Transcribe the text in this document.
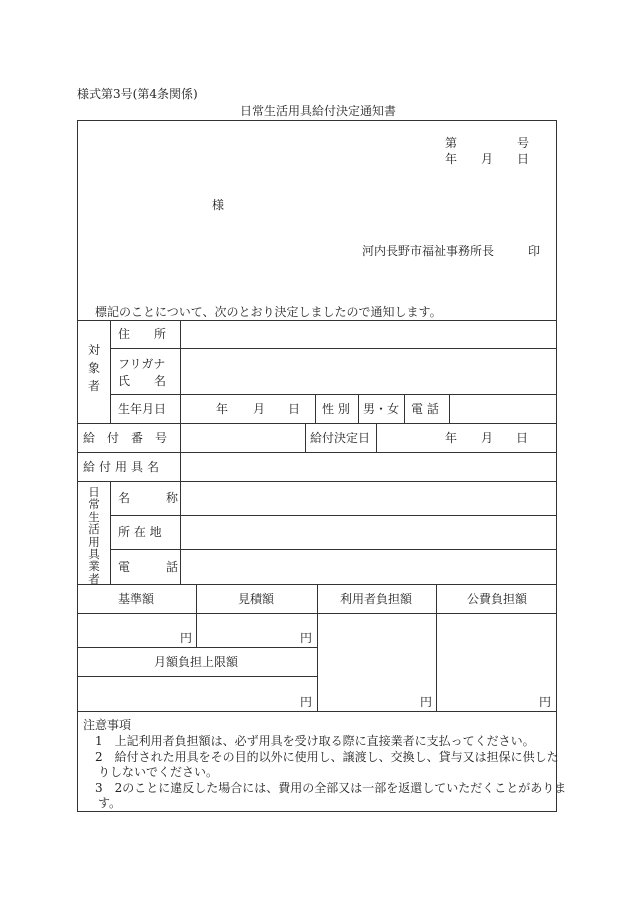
様式第3号(第4条関係)
日常生活用具給付決定通知書
第	号
年 月 日
様
河内長野市福祉事務所長	印
標記のことについて、次のとおり決定しましたので通知します。
対
象
者
住　　所
フリガナ
氏　　名
生年月日	年 月 日 性 別 男・女 電 話
給　付　番　号	給付決定日	年 月 日
給付用具名
日
常
生
活
用
具
業
者
名　　　称
所 在 地
電　　　話
基準額	見積額	利用者負担額	公費負担額
円	円
月額負担上限額
円	円	円
注意事項
1　上記利用者負担額は、必ず用具を受け取る際に直接業者に支払ってください。
2　給付された用具をその目的以外に使用し、譲渡し、交換し、貸与又は担保に供した
りしないでください。
3　2のことに違反した場合には、費用の全部又は一部を返還していただくことがありま
す。
